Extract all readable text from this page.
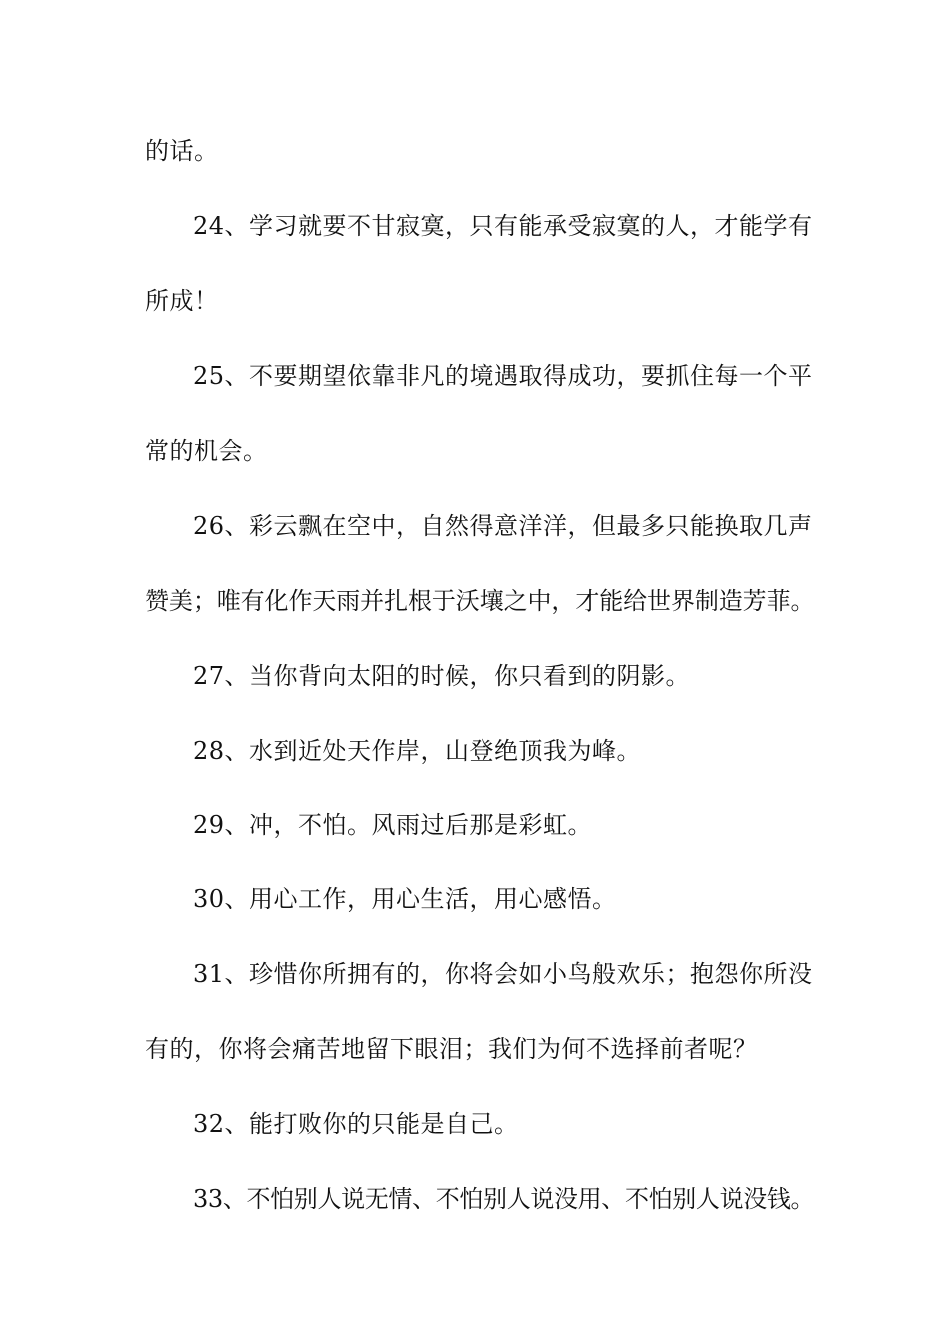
的话。
24、学习就要不甘寂寞，只有能承受寂寞的人，才能学有
所成！
25、不要期望依靠非凡的境遇取得成功，要抓住每一个平
常的机会。
26、彩云飘在空中，自然得意洋洋，但最多只能换取几声
赞美；唯有化作天雨并扎根于沃壤之中，才能给世界制造芳菲。
27、当你背向太阳的时候，你只看到的阴影。
28、水到近处天作岸，山登绝顶我为峰。
29、冲，不怕。风雨过后那是彩虹。
30、用心工作，用心生活，用心感悟。
31、珍惜你所拥有的，你将会如小鸟般欢乐；抱怨你所没
有的，你将会痛苦地留下眼泪；我们为何不选择前者呢？
32、能打败你的只能是自己。
33、不怕别人说无情、不怕别人说没用、不怕别人说没钱。
